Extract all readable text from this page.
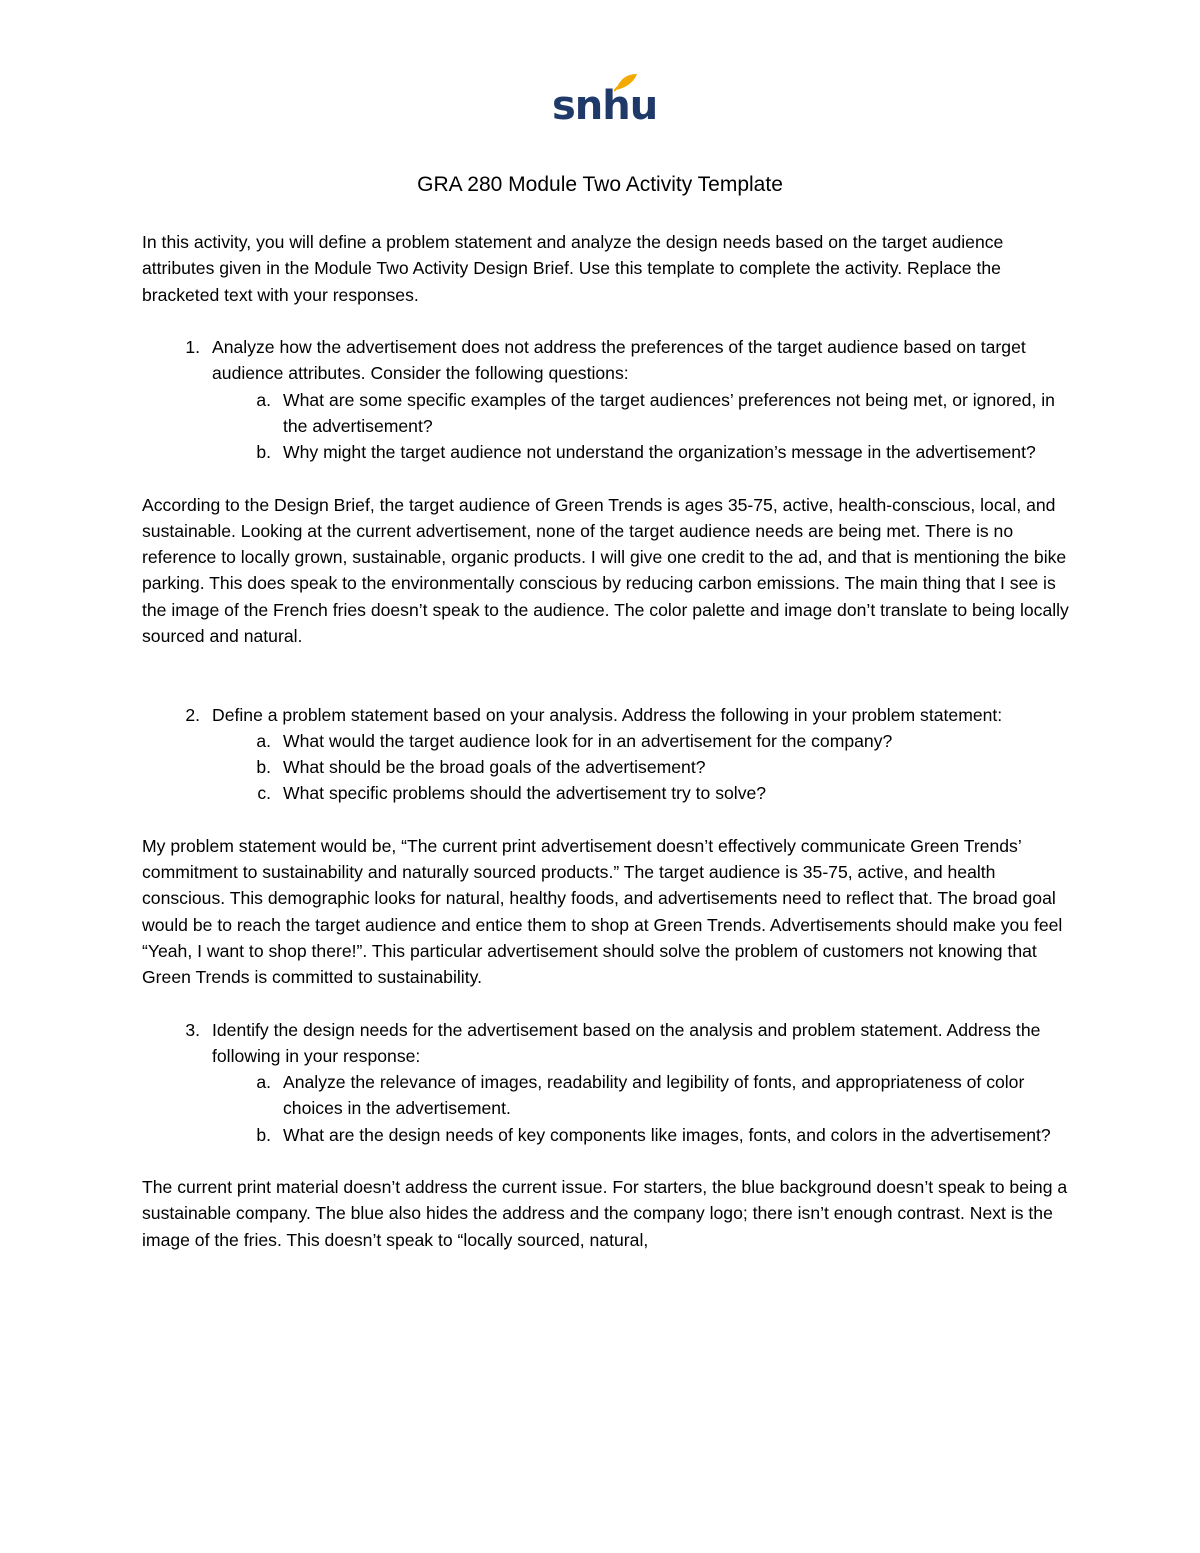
snhu
GRA 280 Module Two Activity Template

In this activity, you will define a problem statement and analyze the design needs based on the target audience attributes given in the Module Two Activity Design Brief. Use this template to complete the activity. Replace the bracketed text with your responses.

1. Analyze how the advertisement does not address the preferences of the target audience based on target audience attributes. Consider the following questions:
a. What are some specific examples of the target audiences’ preferences not being met, or ignored, in the advertisement?
b. Why might the target audience not understand the organization’s message in the advertisement?

According to the Design Brief, the target audience of Green Trends is ages 35-75, active, health-conscious, local, and sustainable. Looking at the current advertisement, none of the target audience needs are being met. There is no reference to locally grown, sustainable, organic products. I will give one credit to the ad, and that is mentioning the bike parking. This does speak to the environmentally conscious by reducing carbon emissions. The main thing that I see is the image of the French fries doesn’t speak to the audience. The color palette and image don’t translate to being locally sourced and natural.

2. Define a problem statement based on your analysis. Address the following in your problem statement:
a. What would the target audience look for in an advertisement for the company?
b. What should be the broad goals of the advertisement?
c. What specific problems should the advertisement try to solve?

My problem statement would be, “The current print advertisement doesn’t effectively communicate Green Trends’ commitment to sustainability and naturally sourced products.” The target audience is 35-75, active, and health conscious. This demographic looks for natural, healthy foods, and advertisements need to reflect that. The broad goal would be to reach the target audience and entice them to shop at Green Trends. Advertisements should make you feel “Yeah, I want to shop there!”. This particular advertisement should solve the problem of customers not knowing that Green Trends is committed to sustainability.

3. Identify the design needs for the advertisement based on the analysis and problem statement. Address the following in your response:
a. Analyze the relevance of images, readability and legibility of fonts, and appropriateness of color choices in the advertisement.
b. What are the design needs of key components like images, fonts, and colors in the advertisement?

The current print material doesn’t address the current issue. For starters, the blue background doesn’t speak to being a sustainable company. The blue also hides the address and the company logo; there isn’t enough contrast. Next is the image of the fries. This doesn’t speak to “locally sourced, natural,
